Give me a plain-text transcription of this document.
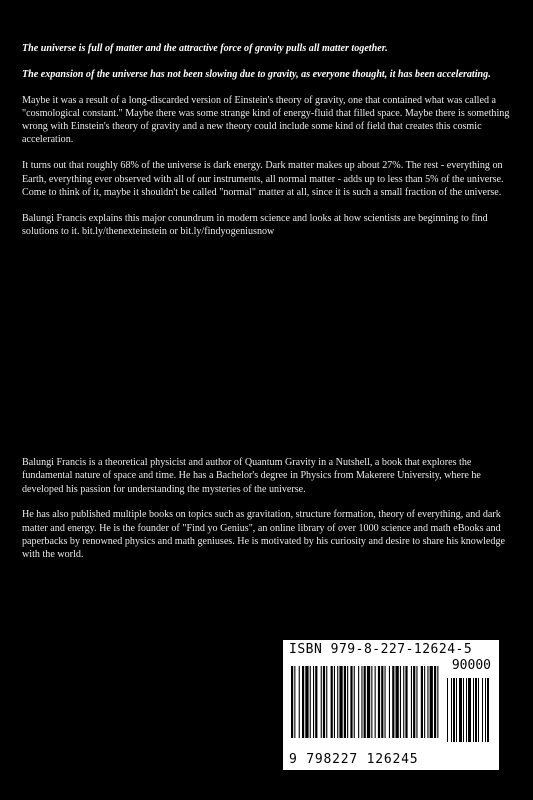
The universe is full of matter and the attractive force of gravity pulls all matter together.

The expansion of the universe has not been slowing due to gravity, as everyone thought, it has been accelerating.

Maybe it was a result of a long-discarded version of Einstein's theory of gravity, one that contained what was called a "cosmological constant." Maybe there was some strange kind of energy-fluid that filled space. Maybe there is something wrong with Einstein's theory of gravity and a new theory could include some kind of field that creates this cosmic acceleration.

It turns out that roughly 68% of the universe is dark energy. Dark matter makes up about 27%. The rest - everything on Earth, everything ever observed with all of our instruments, all normal matter - adds up to less than 5% of the universe. Come to think of it, maybe it shouldn't be called "normal" matter at all, since it is such a small fraction of the universe.

Balungi Francis explains this major conundrum in modern science and looks at how scientists are beginning to find solutions to it. bit.ly/thenexteinstein or bit.ly/findyogeniusnow

Balungi Francis is a theoretical physicist and author of Quantum Gravity in a Nutshell, a book that explores the fundamental nature of space and time. He has a Bachelor's degree in Physics from Makerere University, where he developed his passion for understanding the mysteries of the universe.

He has also published multiple books on topics such as gravitation, structure formation, theory of everything, and dark matter and energy. He is the founder of "Find yo Genius", an online library of over 1000 science and math eBooks and paperbacks by renowned physics and math geniuses. He is motivated by his curiosity and desire to share his knowledge with the world.

ISBN 979-8-227-12624-5
90000
9 798227 126245
